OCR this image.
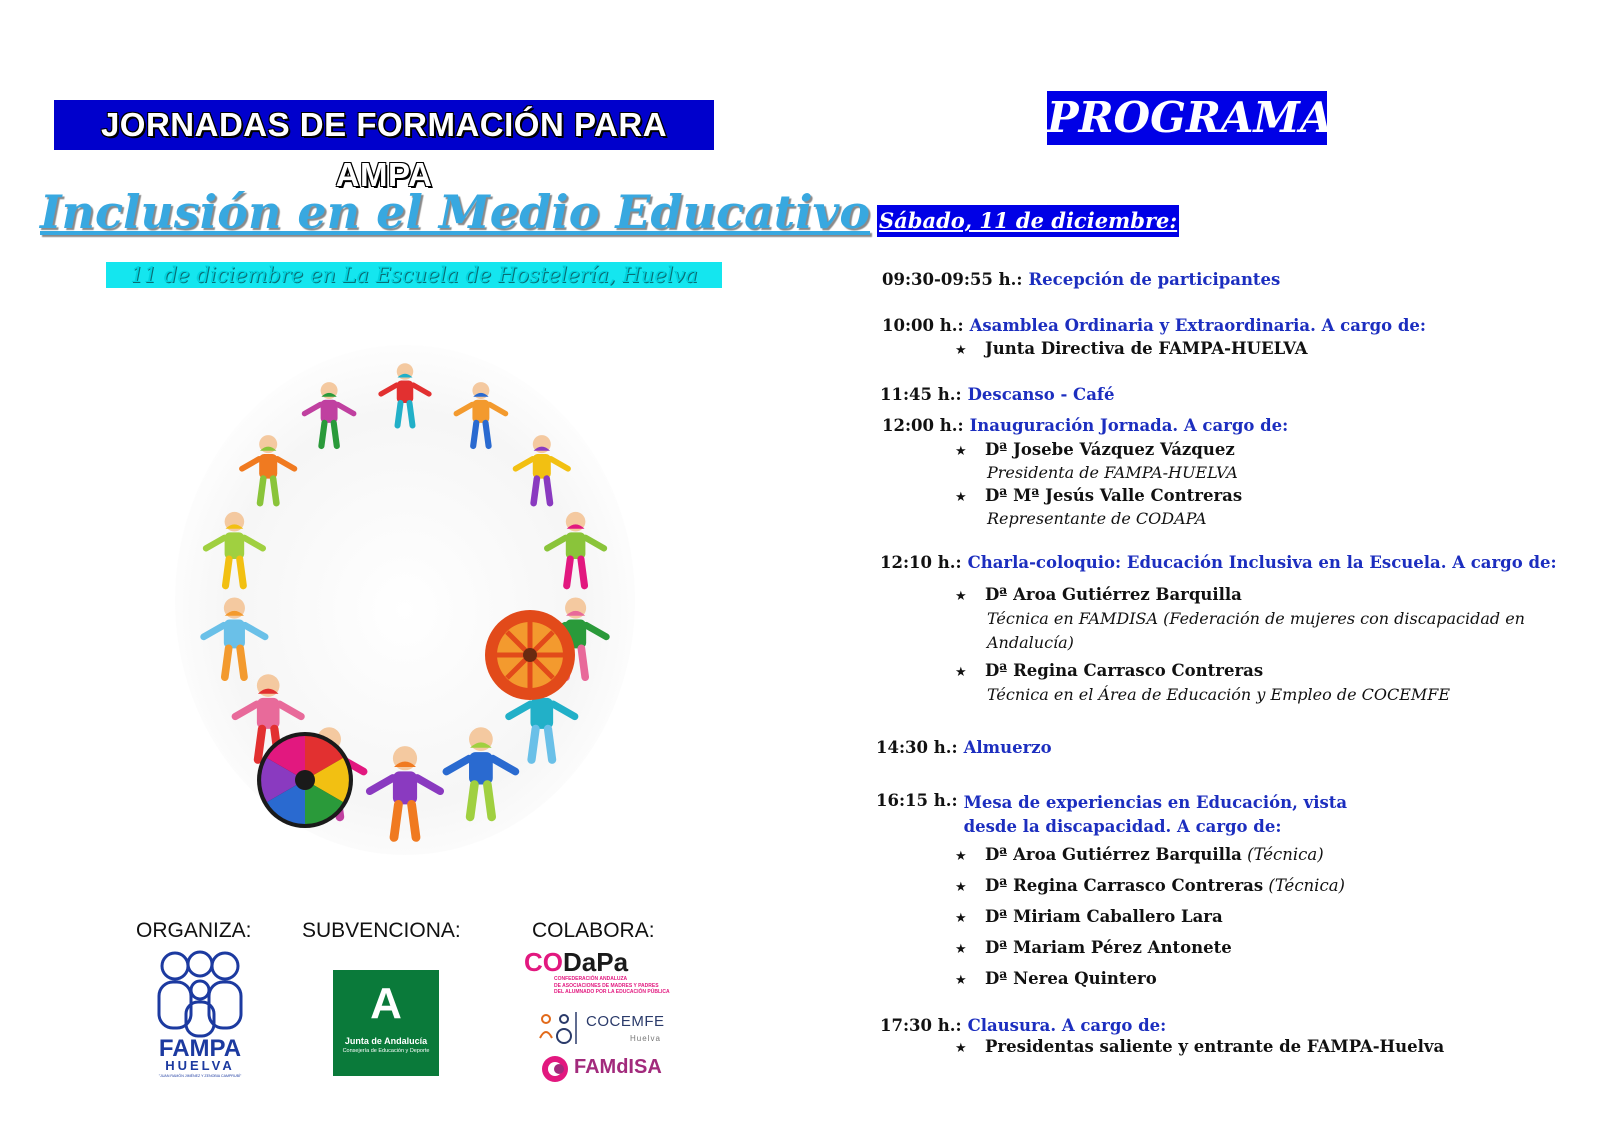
JORNADAS DE FORMACIÓN PARA AMPA
Inclusión en el Medio Educativo
11 de diciembre en La Escuela de Hostelería, Huelva
ORGANIZA: SUBVENCIONA:	COLABORA:
FAMPA
HUELVA
"JUAN RAMÓN JIMÉNEZ Y ZENOBIA CAMPRUBÍ"
A
Junta de Andalucía
Consejería de Educación y Deporte
CODaPa
CONFEDERACIÓN ANDALUZA
DE ASOCIACIONES DE MADRES Y PADRES
DEL ALUMNADO POR LA EDUCACIÓN PÚBLICA
COCEMFE
Huelva
FAMdISA
PROGRAMA
Sábado, 11 de diciembre:
09:30-09:55 h.: Recepción de participantes
10:00 h.: Asamblea Ordinaria y Extraordinaria. A cargo de:
★ Junta Directiva de FAMPA-HUELVA
11:45 h.: Descanso - Café
12:00 h.: Inauguración Jornada. A cargo de:
★ Dª Josebe Vázquez Vázquez
Presidenta de FAMPA-HUELVA
★ Dª Mª Jesús Valle Contreras
Representante de CODAPA
12:10 h.: Charla-coloquio: Educación Inclusiva en la Escuela. A cargo de:
★ Dª Aroa Gutiérrez Barquilla
Técnica en FAMDISA (Federación de mujeres con discapacidad en Andalucía)
★ Dª Regina Carrasco Contreras
Técnica en el Área de Educación y Empleo de COCEMFE
14:30 h.: Almuerzo
16:15 h.: Mesa de experiencias en Educación, vista desde la discapacidad. A cargo de:
★ Dª Aroa Gutiérrez Barquilla (Técnica)
★ Dª Regina Carrasco Contreras (Técnica)
★ Dª Miriam Caballero Lara
★ Dª Mariam Pérez Antonete
★ Dª Nerea Quintero
17:30 h.: Clausura. A cargo de:
★ Presidentas saliente y entrante de FAMPA-Huelva
